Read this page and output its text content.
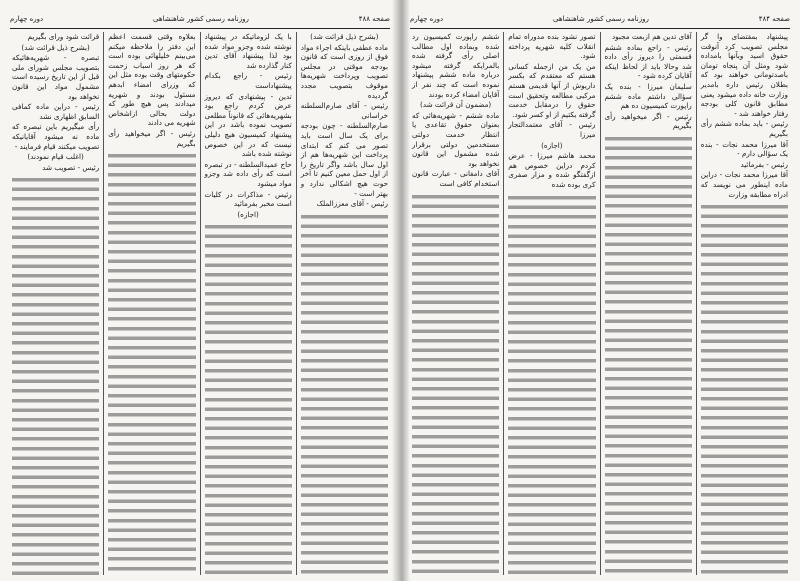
صفحه ۴۸۸
روزنامه رسمی کشور شاهنشاهی
دوره چهارم

(بشرح ذیل قرائت شد)

ماده عطفی باینکه اجراء مواد فوق از روزی است که قانون بودجه موقتی در مجلس تصویب وپرداخت شهریه‌ها موقوف بتصویب مجدد گردیده

رئیس - آقای صارم‌السلطنه خراسانی

صارم‌السلطنه - چون بودجه برای یک سال است باید تصور می کنم که ابتدای پرداخت این شهریه‌ها هم از اول سال باشد واگر تاریخ را از اول حمل معین کنیم تا آخر حوت هیچ اشکالی ندارد و بهتر است -

رئیس - آقای معززالملک

با یک لزوماتیکه در پیشنهاد نوشته شده وجزو مواد شده بود لذا پیشنهاد آقای تدین کنار گذارده شد

رئیس - راجع بکدام پیشنهاداست

تدین - پیشنهادی که دیروز عرض کردم راجع بود بشهریه‌هائی که قانوناً مطلعی تصویب نموده باشد در این پیشنهاد کمیسیون هیچ دلیلی نیست که در این خصوص نوشته شده باشد

حاج عمیدالسلطنه - در تبصره است که رأی داده شد وجزو مواد میشود

رئیس - مذاکرات در کلیات است مخبر بفرمائید

(اجازه)

بعلاوه وقتی قسمت اعظم این دفتر را ملاحظه میکنم می‌بینم خلیلهائی بوده است که هر روز اسباب زحمت حکومتهای وقت بوده مثل این که وزرای امضاء ابدهم مسئول بودند و شهریه میدادند پس هیچ طور که دولت بحالی ازاشخاص شهریه می دادند

رئیس - اگر میخواهید رأی بگیریم

قرائت شود ورای بگیریم

(بشرح ذیل قرائت شد)

تبصره - شهریه‌هائیکه بتصویب مجلس شورای ملی قبل از این تاریخ رسیده است مشمول مواد این قانون نخواهد بود

رئیس - دراین ماده کمافی السابق اظهاری نشد

رأی میگیریم باین تبصره که ماده نه میشود آقایانیکه تصویب میکنند قیام فرمایند -

(اغلب قیام نمودند)

رئیس - تصویب شد

صفحه ۴۸۴
روزنامه رسمی کشور شاهنشاهی
دوره چهارم

پیشنهاد بمقتضای وا گر مجلس تصویب کرد آنوقت حقوق اسید وبآنها بامداده شود ومثل آن پنجاه تومان باصدتومانی خواهند بود که بطلان رئیس داره بامدیر وزارت خانه داده میشود یعنی مطابق قانون کلی بودجه رفتار خواهند شد -

رئیس - باید بماده ششم رأی بگیریم

آقا میرزا محمد نجات - بنده یک سؤالی دارم -

رئیس - بفرمائید

آقا میرزا محمد نجات - دراین ماده اینطور می نویسد که ادراه مطابقه وزارت

آقای تدین هم ازبعت مجبود

رئیس - راجع بماده ششم قسمتی را دیروز رأی داده شد وحالا باید از لحاظ اینکه آقایان کرده شود -

سلیمان میرزا - بنده یک سؤالی داشتم ماده ششم راپورت کمیسیون ده هم

رئیس - اگر میخواهید رأی بگیریم

تصور نشود بنده مدوراه تمام انقلاب کلیه شهریه پرداخته شود.

من یک من ازجمله کسانی هستم که معتقدم که بکسر داریوش از آنها قدیمی هستم مرکبی مطالعه وتحقیق است حقوق را درمقابل خدمت گرفته یکتیم از او کسر شود.

رئیس - آقای معتمدالتجار میرزا

(اجازه)

محمد هاشم میرزا - عرض کردم دراین خصوص هم ازگفتگو شده و مزار صفری کری بوده شده

ششم راپورت کمیسیون رد شده وبماده اول مطالب اصلی رأی گرفته شده بالمرایکه گرفته میشود درباره ماده ششم پیشنهاد نموده است که چند نفر از آقایان امضاء کرده بودند

(مضمون آن قرائت شد)

ماده ششم - شهریه‌هائی که بعنوان حقوق تقاعدی یا انتظار خدمت دولتی مستخدمین دولتی برقرار شده مشمول این قانون نخواهد بود

آقای دامغانی - عبارت قانون استخدام کافی است
